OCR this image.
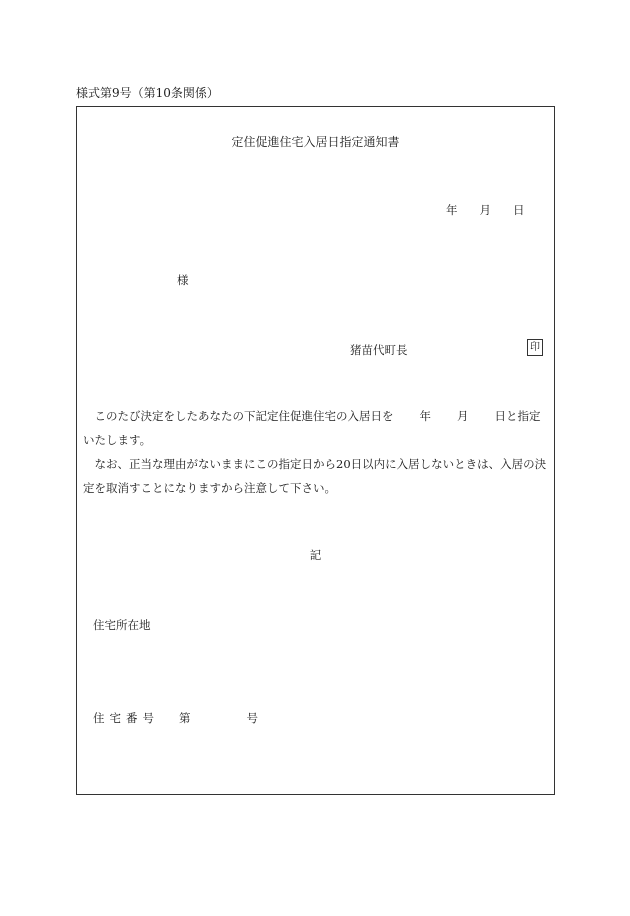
様式第9号（第10条関係）
定住促進住宅入居日指定通知書
年 月 日
様
猪苗代町長	印
　このたび決定をしたあなたの下記定住促進住宅の入居日を 年 月 日と指定
いたします。
　なお、正当な理由がないままにこの指定日から20日以内に入居しないときは、入居の決
定を取消すことになりますから注意して下さい。
記
住宅所在地
住宅番号 第	号
